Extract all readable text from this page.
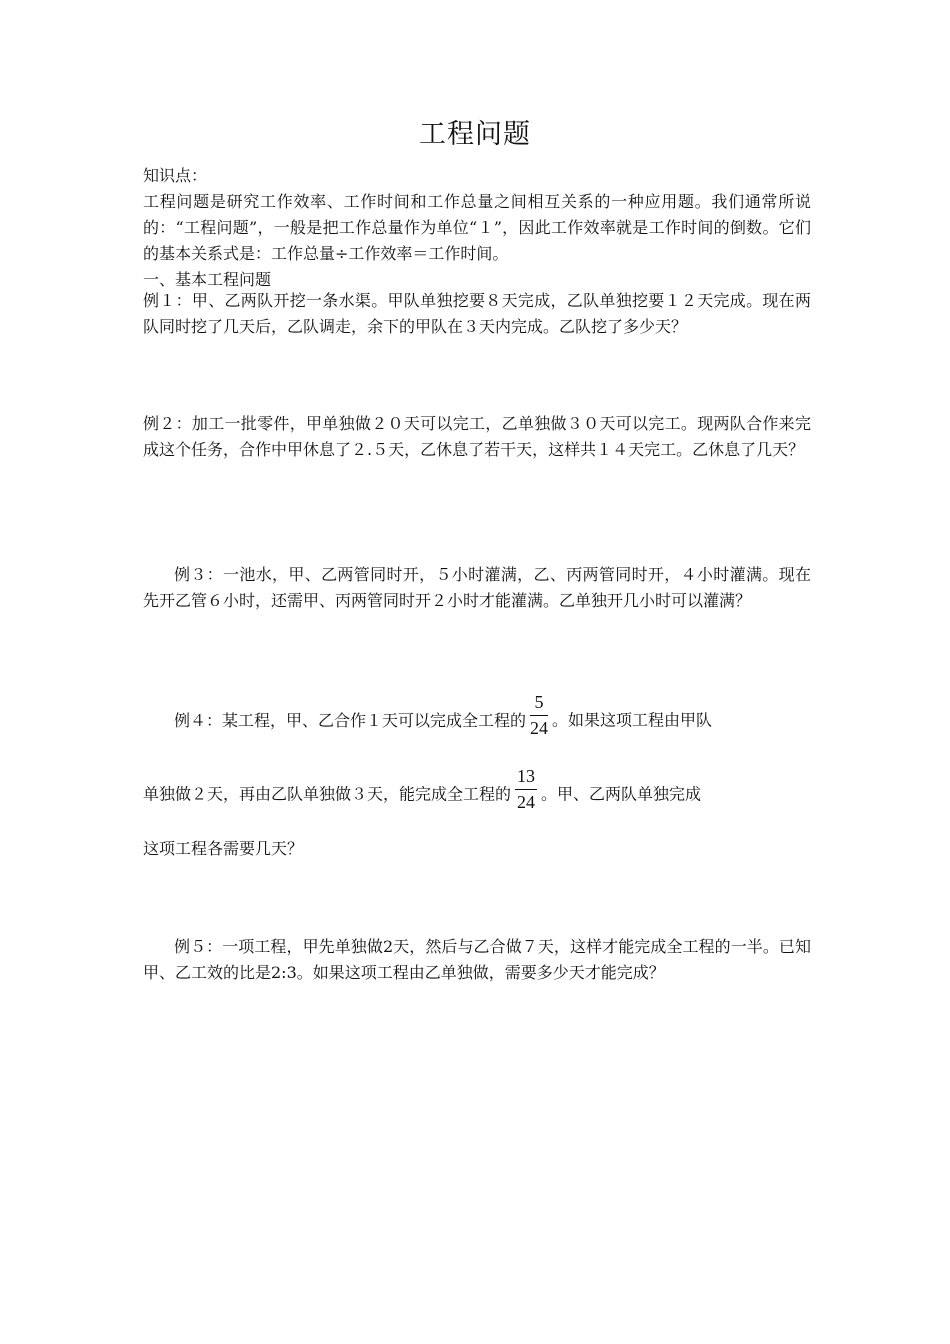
工程问题

知识点：

工程问题是研究工作效率、工作时间和工作总量之间相互关系的一种应用题。我们通常所说的：“工程问题”，一般是把工作总量作为单位“１”，因此工作效率就是工作时间的倒数。它们的基本关系式是：工作总量÷工作效率＝工作时间。

一、基本工程问题

例１：甲、乙两队开挖一条水渠。甲队单独挖要８天完成，乙队单独挖要１２天完成。现在两队同时挖了几天后，乙队调走，余下的甲队在３天内完成。乙队挖了多少天？

例２：加工一批零件，甲单独做２０天可以完工，乙单独做３０天可以完工。现两队合作来完成这个任务，合作中甲休息了２.５天，乙休息了若干天，这样共１４天完工。乙休息了几天？

例３：一池水，甲、乙两管同时开，５小时灌满，乙、丙两管同时开，４小时灌满。现在先开乙管６小时，还需甲、丙两管同时开２小时才能灌满。乙单独开几小时可以灌满？

例４：某工程，甲、乙合作１天可以完成全工程的 $\frac{5}{24}$ 。如果这项工程由甲队
单独做２天，再由乙队单独做３天，能完成全工程的 $\frac{13}{24}$ 。甲、乙两队单独完成
这项工程各需要几天？

例５：一项工程，甲先单独做2天，然后与乙合做７天，这样才能完成全工程的一半。已知甲、乙工效的比是2:3。如果这项工程由乙单独做，需要多少天才能完成？
